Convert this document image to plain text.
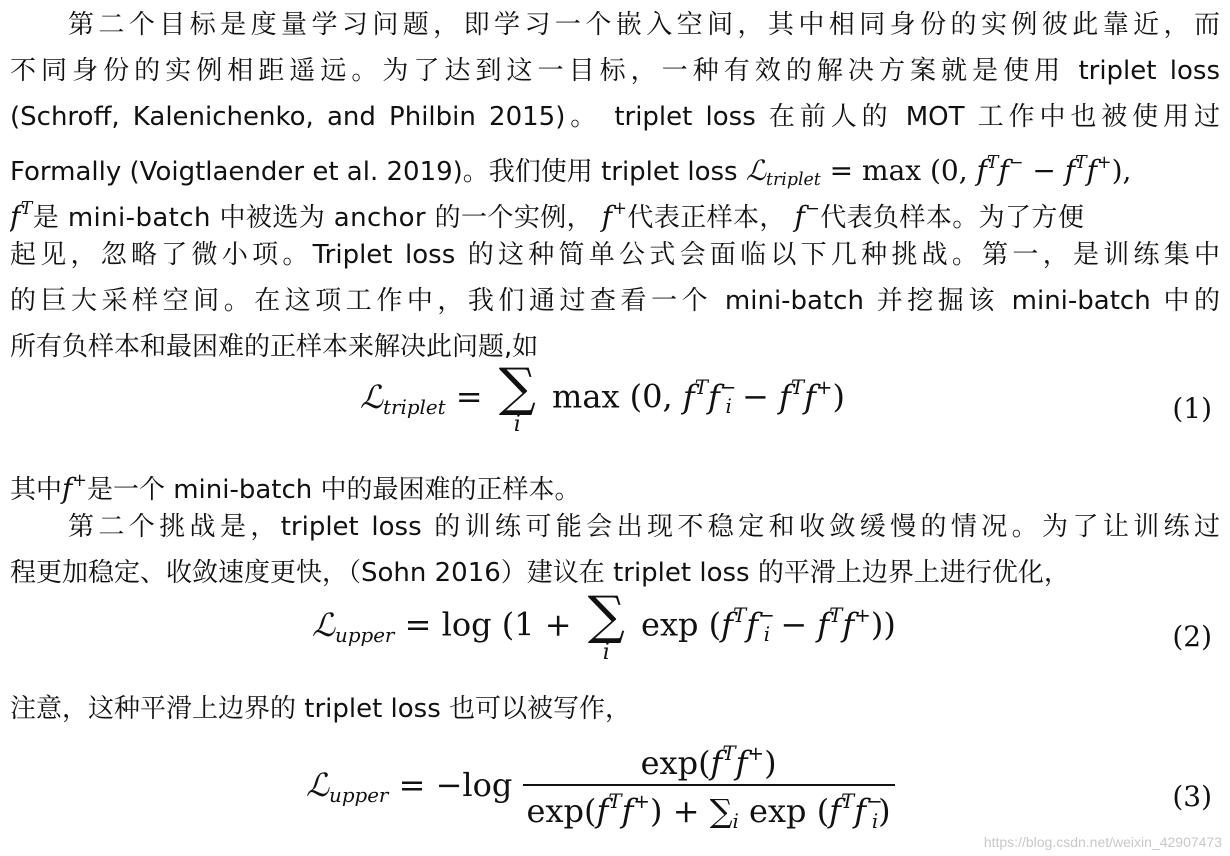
第二个目标是度量学习问题，即学习一个嵌入空间，其中相同身份的实例彼此靠近，而
不同身份的实例相距遥远。为了达到这一目标，一种有效的解决方案就是使用 triplet loss
(Schroff, Kalenichenko, and Philbin 2015)。 triplet loss 在前人的 MOT 工作中也被使用过
Formally (Voigtlaender et al. 2019)。我们使用 triplet loss ℒ$_{triplet}$ = max (0, $f^Tf^- - f^Tf^+$),
$f^T$是 mini-batch 中被选为 anchor 的一个实例， f+代表正样本， f−代表负样本。为了方便
起见，忽略了微小项。Triplet loss 的这种简单公式会面临以下几种挑战。第一，是训练集中
的巨大采样空间。在这项工作中，我们通过查看一个 mini-batch 并挖掘该 mini-batch 中的
所有负样本和最困难的正样本来解决此问题,如
ℒ$_{triplet}$ = ∑
i
max (0, $f^Tf^-_i - f^Tf^+$)	(1)
其中f+是一个 mini-batch 中的最困难的正样本。
第二个挑战是，triplet loss 的训练可能会出现不稳定和收敛缓慢的情况。为了让训练过
程更加稳定、收敛速度更快，（Sohn 2016）建议在 triplet loss 的平滑上边界上进行优化，
ℒ$_{upper}$ = log (1 + ∑
i
$\exp (f^Tf^-_i - f^Tf^+)$)	(2)
注意，这种平滑上边界的 triplet loss 也可以被写作，
ℒ$_{upper}$ = $-\log \frac{\exp(f^Tf^+)}{\exp(f^Tf^+) + \sum_i \exp (f^Tf^-_i)}$	(3)
https://blog.csdn.net/weixin_42907473
